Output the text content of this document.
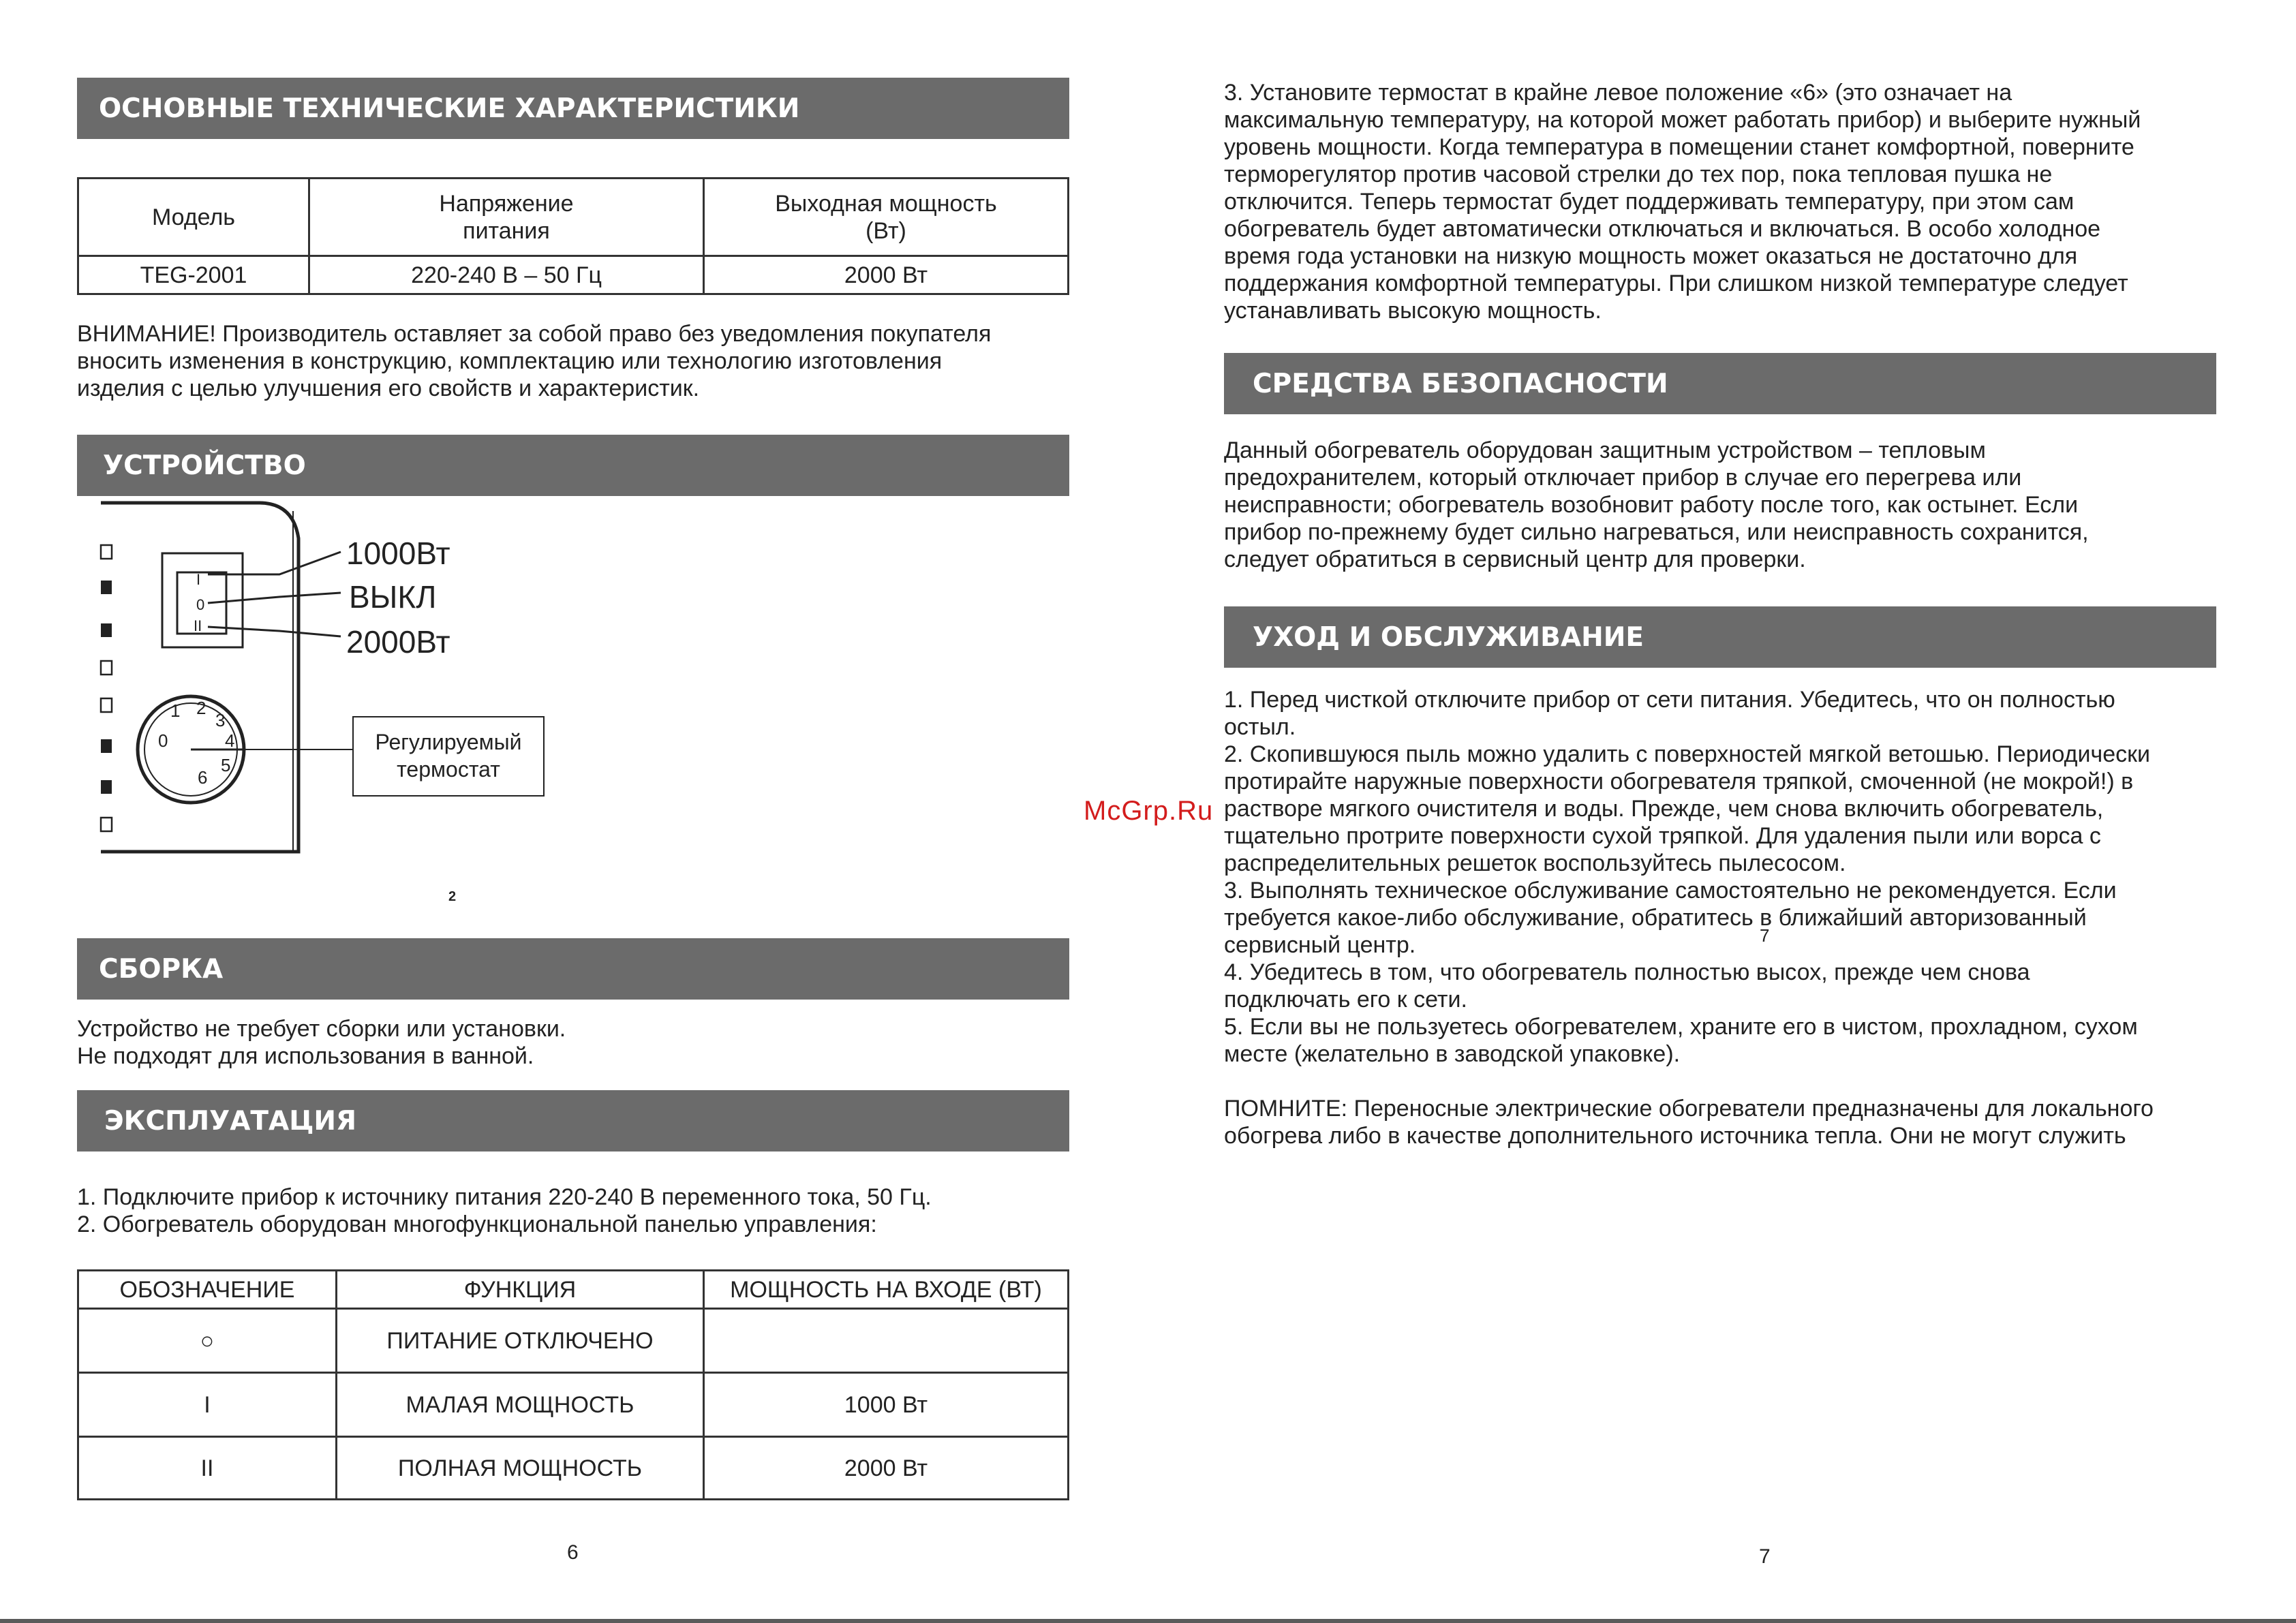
ОСНОВНЫЕ ТЕХНИЧЕСКИЕ ХАРАКТЕРИСТИКИ
Модель	Напряжение питания	Выходная мощность (Вт)
TEG-2001	220-240 В – 50 Гц	2000 Вт

ВНИМАНИЕ! Производитель оставляет за собой право без уведомления покупателя

вносить изменения в конструкцию, комплектацию или технологию изготовления

изделия с целью улучшения его свойств и характеристик.

УСТРОЙСТВО
I
0
II
1000Вт
ВЫКЛ
2000Вт
1 2
3
4
5
6
0	Регулируемый
термостат
2
СБОРКА

Устройство не требует сборки или установки.

Не подходят для использования в ванной.

ЭКСПЛУАТАЦИЯ

1. Подключите прибор к источнику питания 220-240 В переменного тока, 50 Гц.

2. Обогреватель оборудован многофункциональной панелью управления:

ОБОЗНАЧЕНИЕ	ФУНКЦИЯ	МОЩНОСТЬ НА ВХОДЕ (ВТ)
○	ПИТАНИЕ ОТКЛЮЧЕНО	
I	МАЛАЯ МОЩНОСТЬ	1000 Вт
II	ПОЛНАЯ МОЩНОСТЬ	2000 Вт
6

3. Установите термостат в крайне левое положение «6» (это означает на

максимальную температуру, на которой может работать прибор) и выберите нужный

уровень мощности. Когда температура в помещении станет комфортной, поверните

терморегулятор против часовой стрелки до тех пор, пока тепловая пушка не

отключится. Теперь термостат будет поддерживать температуру, при этом сам

обогреватель будет автоматически отключаться и включаться. В особо холодное

время года установки на низкую мощность может оказаться не достаточно для

поддержания комфортной температуры. При слишком низкой температуре следует

устанавливать высокую мощность.

СРЕДСТВА БЕЗОПАСНОСТИ

Данный обогреватель оборудован защитным устройством – тепловым

предохранителем, который отключает прибор в случае его перегрева или

неисправности; обогреватель возобновит работу после того, как остынет. Если

прибор по-прежнему будет сильно нагреваться, или неисправность сохранится,

следует обратиться в сервисный центр для проверки.

УХОД И ОБСЛУЖИВАНИЕ

1. Перед чисткой отключите прибор от сети питания. Убедитесь, что он полностью

остыл.

2. Скопившуюся пыль можно удалить с поверхностей мягкой ветошью. Периодически

протирайте наружные поверхности обогревателя тряпкой, смоченной (не мокрой!) в

растворе мягкого очистителя и воды. Прежде, чем снова включить обогреватель,

тщательно протрите поверхности сухой тряпкой. Для удаления пыли или ворса с

распределительных решеток воспользуйтесь пылесосом.

3. Выполнять техническое обслуживание самостоятельно не рекомендуется. Если

требуется какое-либо обслуживание, обратитесь в ближайший авторизованный

сервисный центр.

4. Убедитесь в том, что обогреватель полностью высох, прежде чем снова

подключать его к сети.

5. Если вы не пользуетесь обогревателем, храните его в чистом, прохладном, сухом

месте (желательно в заводской упаковке).

ПОМНИТЕ: Переносные электрические обогреватели предназначены для локального

обогрева либо в качестве дополнительного источника тепла. Они не могут служить

7
7
McGrp.Ru
